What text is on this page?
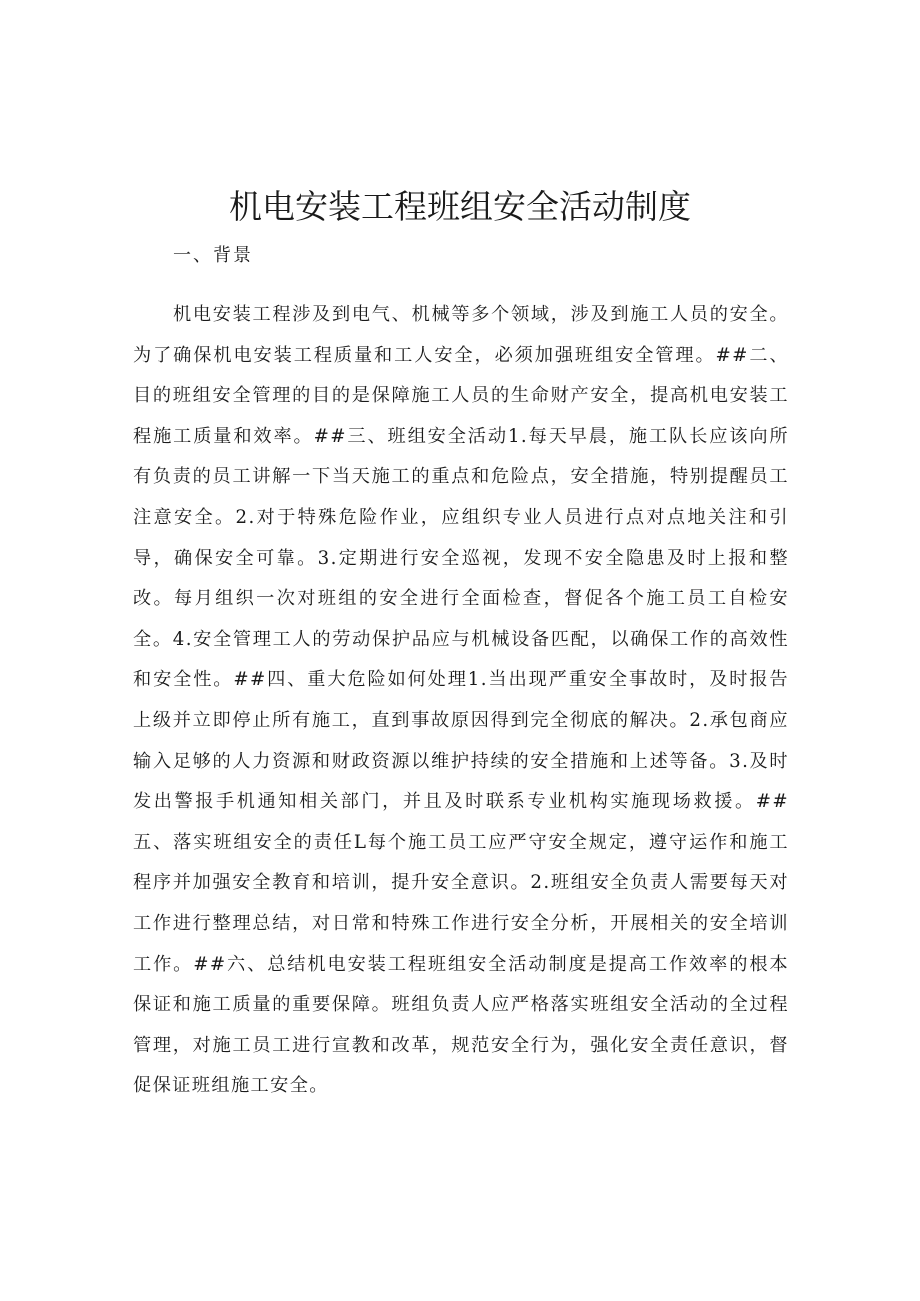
机电安装工程班组安全活动制度

一、背景

机电安装工程涉及到电气、机械等多个领域，涉及到施工人员的安全。为了确保机电安装工程质量和工人安全，必须加强班组安全管理。##二、目的班组安全管理的目的是保障施工人员的生命财产安全，提高机电安装工程施工质量和效率。##三、班组安全活动1.每天早晨，施工队长应该向所有负责的员工讲解一下当天施工的重点和危险点，安全措施，特别提醒员工注意安全。2.对于特殊危险作业，应组织专业人员进行点对点地关注和引导，确保安全可靠。3.定期进行安全巡视，发现不安全隐患及时上报和整改。每月组织一次对班组的安全进行全面检查，督促各个施工员工自检安全。4.安全管理工人的劳动保护品应与机械设备匹配，以确保工作的高效性和安全性。##四、重大危险如何处理1.当出现严重安全事故时，及时报告上级并立即停止所有施工，直到事故原因得到完全彻底的解决。2.承包商应输入足够的人力资源和财政资源以维护持续的安全措施和上述等备。3.及时发出警报手机通知相关部门，并且及时联系专业机构实施现场救援。##五、落实班组安全的责任L每个施工员工应严守安全规定，遵守运作和施工程序并加强安全教育和培训，提升安全意识。2.班组安全负责人需要每天对工作进行整理总结，对日常和特殊工作进行安全分析，开展相关的安全培训工作。##六、总结机电安装工程班组安全活动制度是提高工作效率的根本保证和施工质量的重要保障。班组负责人应严格落实班组安全活动的全过程管理，对施工员工进行宣教和改革，规范安全行为，强化安全责任意识，督促保证班组施工安全。
